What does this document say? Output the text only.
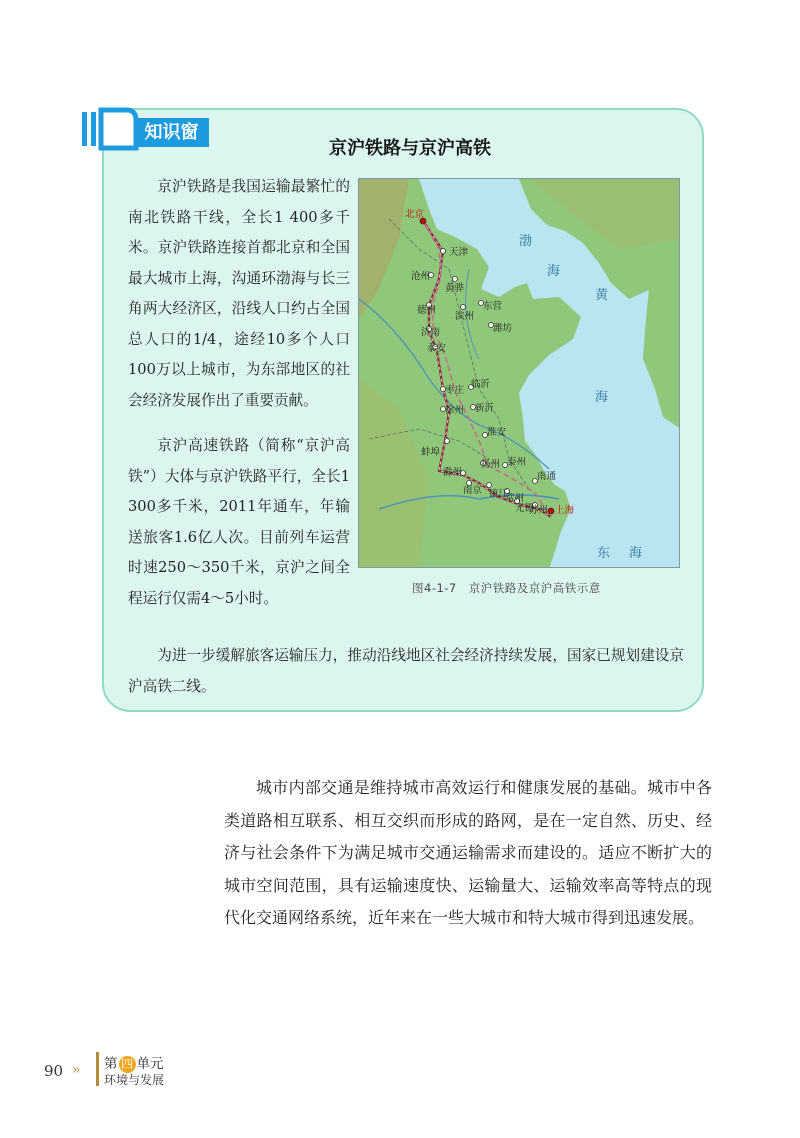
知识窗
京沪铁路与京沪高铁

京沪铁路是我国运输最繁忙的南北铁路干线，全长1 400多千米。京沪铁路连接首都北京和全国最大城市上海，沟通环渤海与长三角两大经济区，沿线人口约占全国总人口的1/4，途经10多个人口100万以上城市，为东部地区的社会经济发展作出了重要贡献。

京沪高速铁路（简称“京沪高铁”）大体与京沪铁路平行，全长1 300多千米，2011年通车，年输送旅客1.6亿人次。目前列车运营时速250～350千米，京沪之间全程运行仅需4～5小时。

为进一步缓解旅客运输压力，推动沿线地区社会经济持续发展，国家已规划建设京沪高铁二线。

渤
海
黄
海
东 海
北京
天津
沧州
黄骅
德州
滨州
东营
济南	潍坊
泰安
临沂
枣庄
徐州 新沂
淮安
蚌埠
扬州 泰州
滁州
南京 镇江
常州
南通
无锡
苏州 上海
图4-1-7　京沪铁路及京沪高铁示意

城市内部交通是维持城市高效运行和健康发展的基础。城市中各类道路相互联系、相互交织而形成的路网，是在一定自然、历史、经济与社会条件下为满足城市交通运输需求而建设的。适应不断扩大的城市空间范围，具有运输速度快、运输量大、运输效率高等特点的现代化交通网络系统，近年来在一些大城市和特大城市得到迅速发展。

90 » 第 四 单元
环境与发展
